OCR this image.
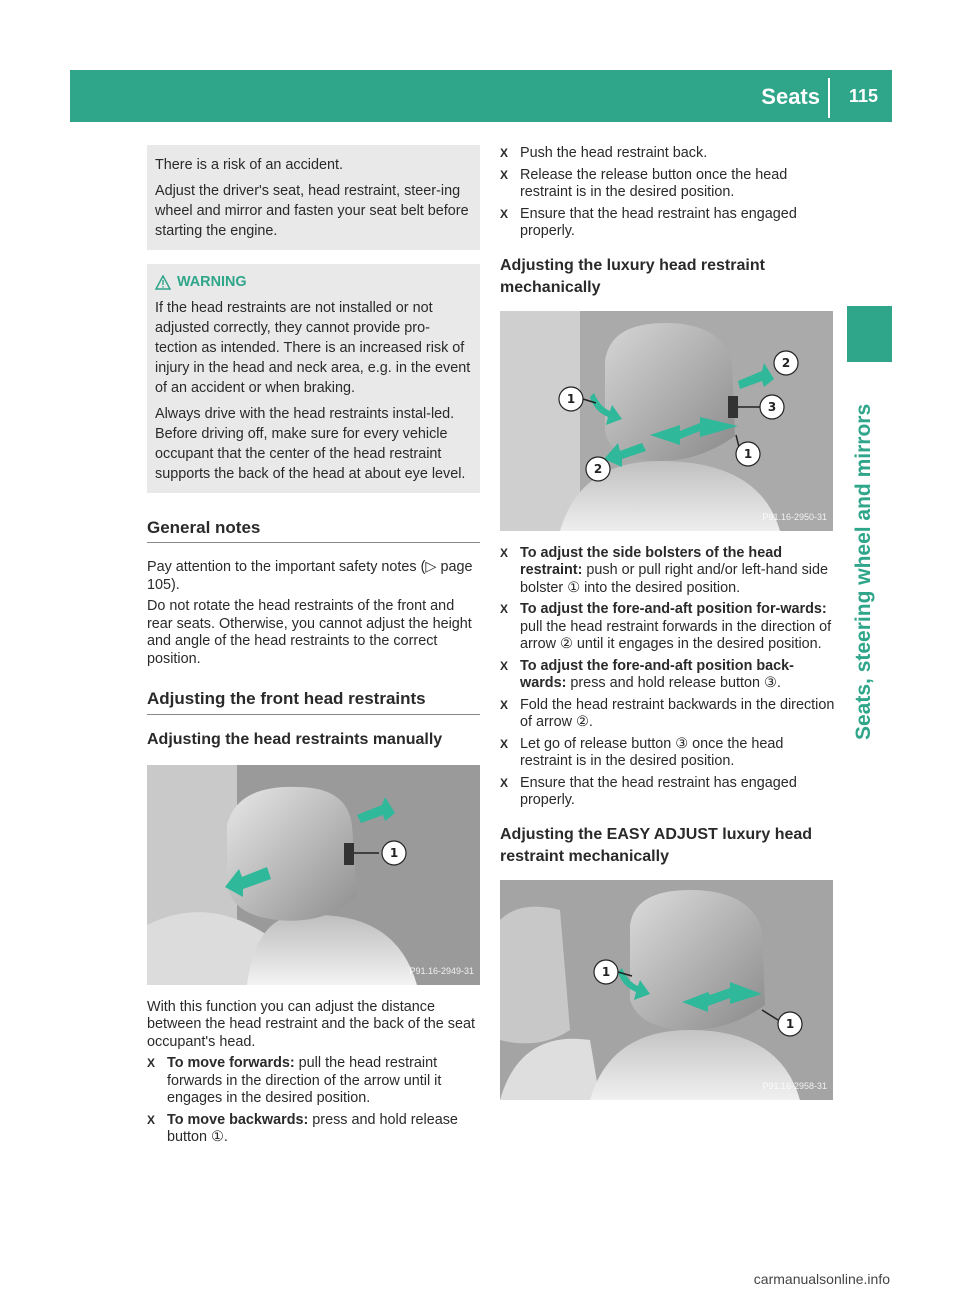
Seats 115
Seats, steering wheel and mirrors

There is a risk of an accident.

Adjust the driver's seat, head restraint, steer-ing wheel and mirror and fasten your seat belt before starting the engine.

WARNING

If the head restraints are not installed or not adjusted correctly, they cannot provide pro-tection as intended. There is an increased risk of injury in the head and neck area, e.g. in the event of an accident or when braking.

Always drive with the head restraints instal-led. Before driving off, make sure for every vehicle occupant that the center of the head restraint supports the back of the head at about eye level.

General notes

Pay attention to the important safety notes (▷ page 105).

Do not rotate the head restraints of the front and rear seats. Otherwise, you cannot adjust the height and angle of the head restraints to the correct position.

Adjusting the front head restraints
Adjusting the head restraints manually
1
P91.16-2949-31

With this function you can adjust the distance between the head restraint and the back of the seat occupant's head.

X To move forwards: pull the head restraint forwards in the direction of the arrow until it engages in the desired position.
X To move backwards: press and hold release button ①.
X Push the head restraint back.
X Release the release button once the head restraint is in the desired position.
X Ensure that the head restraint has engaged properly.
Adjusting the luxury head restraint mechanically
1
2
2
3
1
P91.16-2950-31
X To adjust the side bolsters of the head restraint: push or pull right and/or left-hand side bolster ① into the desired position.
X To adjust the fore-and-aft position for-wards: pull the head restraint forwards in the direction of arrow ② until it engages in the desired position.
X To adjust the fore-and-aft position back-wards: press and hold release button ③.
X Fold the head restraint backwards in the direction of arrow ②.
X Let go of release button ③ once the head restraint is in the desired position.
X Ensure that the head restraint has engaged properly.
Adjusting the EASY ADJUST luxury head restraint mechanically
1
1
P91.16-2958-31
carmanualsonline.info
